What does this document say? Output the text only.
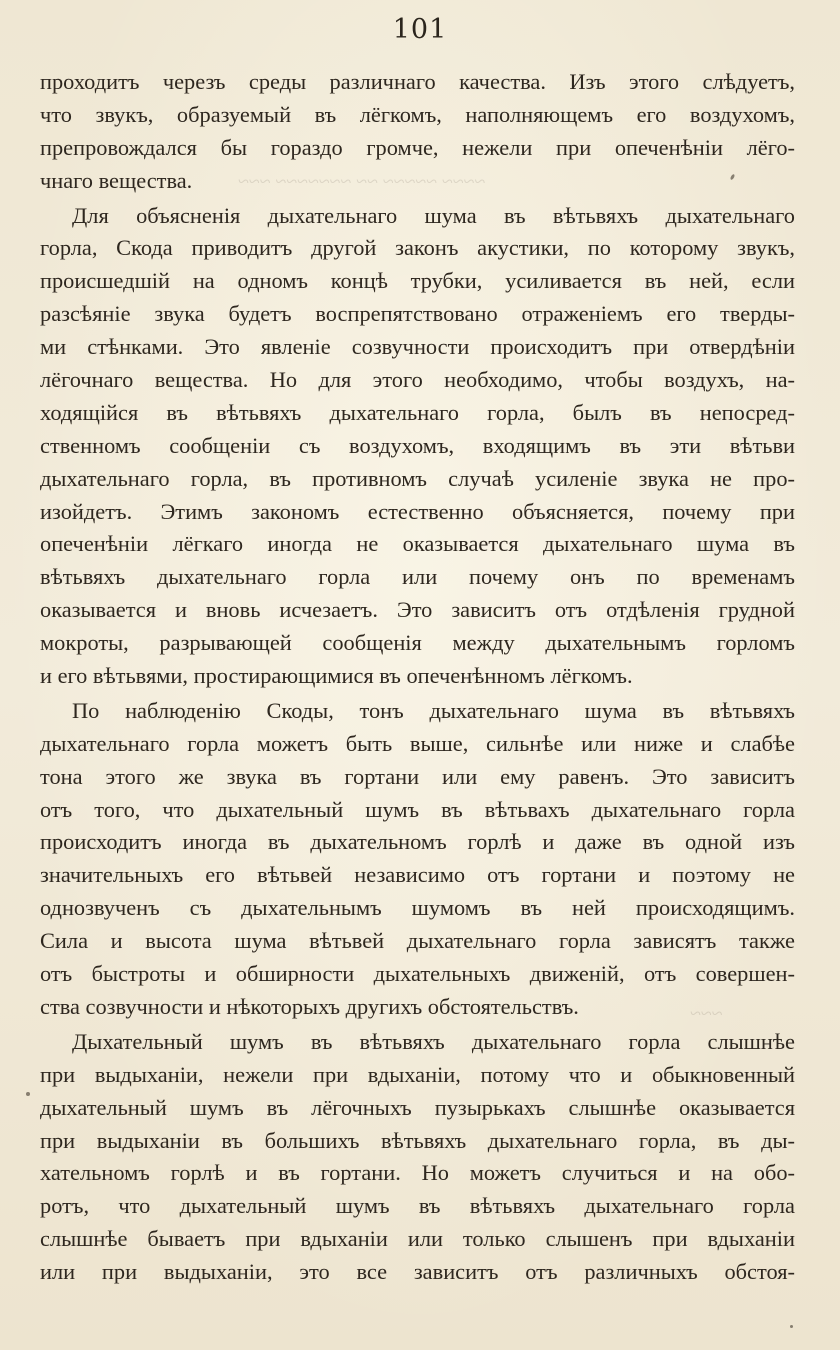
101
~~~~ ~~~~~ ~~ ~~~~~~~ ~~~
~~~
проходитъ черезъ среды различнаго качества. Изъ этого слѣдуетъ,
что звукъ, образуемый въ лёгкомъ, наполняющемъ его воздухомъ,
препровождался бы гораздо громче, нежели при опеченѣніи лёго-
чнаго вещества.
Для объясненія дыхательнаго шума въ вѣтьвяхъ дыхательнаго
горла, Скода приводитъ другой законъ акустики, по которому звукъ,
происшедшій на одномъ концѣ трубки, усиливается въ ней, если
разсѣяніе звука будетъ воспрепятствовано отраженіемъ его тверды-
ми стѣнками. Это явленіе созвучности происходитъ при отвердѣніи
лёгочнаго вещества. Но для этого необходимо, чтобы воздухъ, на-
ходящійся въ вѣтьвяхъ дыхательнаго горла, былъ въ непосред-
ственномъ сообщеніи съ воздухомъ, входящимъ въ эти вѣтьви
дыхательнаго горла, въ противномъ случаѣ усиленіе звука не про-
изойдетъ. Этимъ закономъ естественно объясняется, почему при
опеченѣніи лёгкаго иногда не оказывается дыхательнаго шума въ
вѣтьвяхъ дыхательнаго горла или почему онъ по временамъ
оказывается и вновь исчезаетъ. Это зависитъ отъ отдѣленія грудной
мокроты, разрывающей сообщенія между дыхательнымъ горломъ
и его вѣтьвями, простирающимися въ опеченѣнномъ лёгкомъ.
По наблюденію Скоды, тонъ дыхательнаго шума въ вѣтьвяхъ
дыхательнаго горла можетъ быть выше, сильнѣе или ниже и слабѣе
тона этого же звука въ гортани или ему равенъ. Это зависитъ
отъ того, что дыхательный шумъ въ вѣтьвахъ дыхательнаго горла
происходитъ иногда въ дыхательномъ горлѣ и даже въ одной изъ
значительныхъ его вѣтьвей независимо отъ гортани и поэтому не
однозвученъ съ дыхательнымъ шумомъ въ ней происходящимъ.
Сила и высота шума вѣтьвей дыхательнаго горла зависятъ также
отъ быстроты и обширности дыхательныхъ движеній, отъ совершен-
ства созвучности и нѣкоторыхъ другихъ обстоятельствъ.
Дыхательный шумъ въ вѣтьвяхъ дыхательнаго горла слышнѣе
при выдыханіи, нежели при вдыханіи, потому что и обыкновенный
дыхательный шумъ въ лёгочныхъ пузырькахъ слышнѣе оказывается
при выдыханіи въ большихъ вѣтьвяхъ дыхательнаго горла, въ ды-
хательномъ горлѣ и въ гортани. Но можетъ случиться и на обо-
ротъ, что дыхательный шумъ въ вѣтьвяхъ дыхательнаго горла
слышнѣе бываетъ при вдыханіи или только слышенъ при вдыханіи
или при выдыханіи, это все зависитъ отъ различныхъ обстоя-
